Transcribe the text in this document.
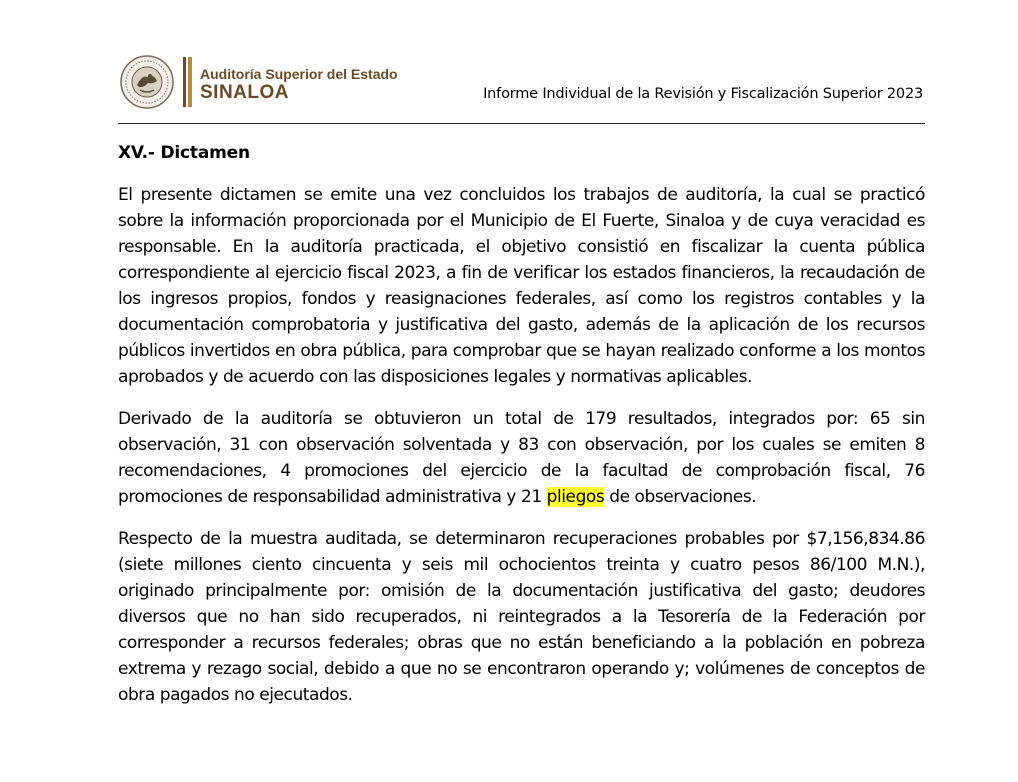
Auditoría Superior del Estado
SINALOA	Informe Individual de la Revisión y Fiscalización Superior 2023
XV.- Dictamen

El presente dictamen se emite una vez concluidos los trabajos de auditoría, la cual se practicó sobre la información proporcionada por el Municipio de El Fuerte, Sinaloa y de cuya veracidad es responsable. En la auditoría practicada, el objetivo consistió en fiscalizar la cuenta pública correspondiente al ejercicio fiscal 2023, a fin de verificar los estados financieros, la recaudación de los ingresos propios, fondos y reasignaciones federales, así como los registros contables y la documentación comprobatoria y justificativa del gasto, además de la aplicación de los recursos públicos invertidos en obra pública, para comprobar que se hayan realizado conforme a los montos aprobados y de acuerdo con las disposiciones legales y normativas aplicables.

Derivado de la auditoría se obtuvieron un total de 179 resultados, integrados por: 65 sin observación, 31 con observación solventada y 83 con observación, por los cuales se emiten 8 recomendaciones, 4 promociones del ejercicio de la facultad de comprobación fiscal, 76 promociones de responsabilidad administrativa y 21 pliegos de observaciones.

Respecto de la muestra auditada, se determinaron recuperaciones probables por $7,156,834.86 (siete millones ciento cincuenta y seis mil ochocientos treinta y cuatro pesos 86/100 M.N.), originado principalmente por: omisión de la documentación justificativa del gasto; deudores diversos que no han sido recuperados, ni reintegrados a la Tesorería de la Federación por corresponder a recursos federales; obras que no están beneficiando a la población en pobreza extrema y rezago social, debido a que no se encontraron operando y; volúmenes de conceptos de obra pagados no ejecutados.
